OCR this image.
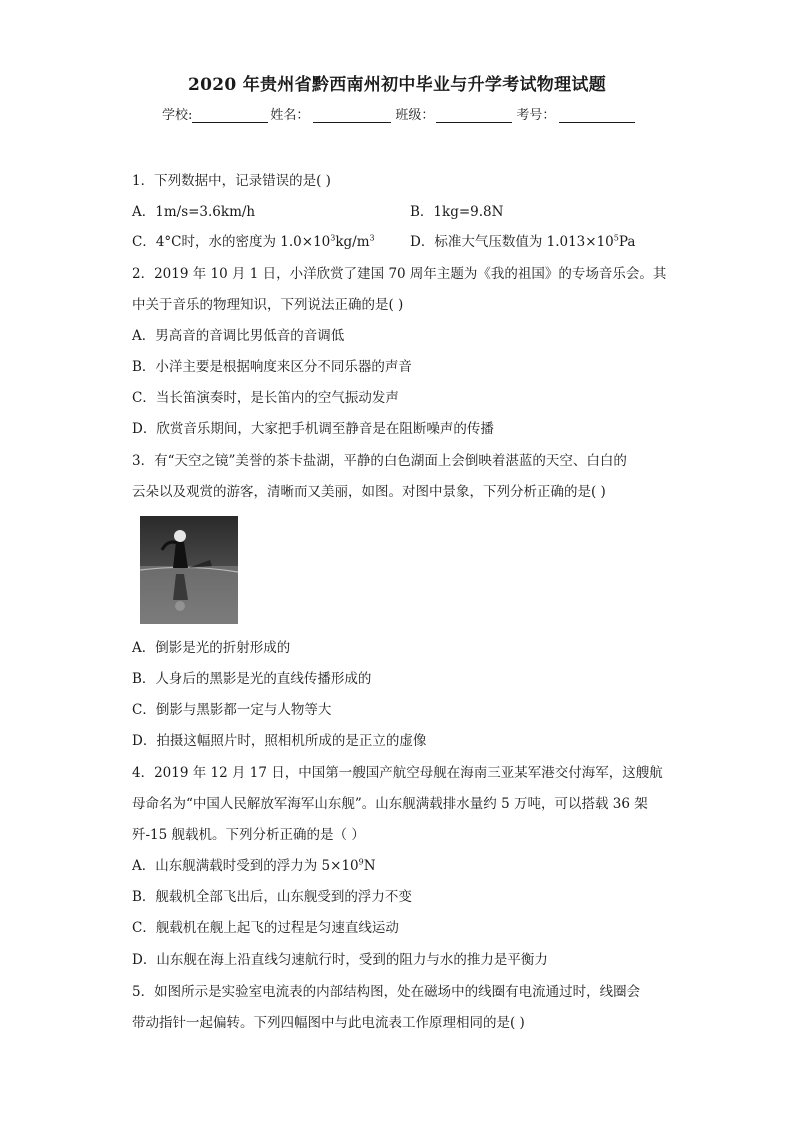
2020 年贵州省黔西南州初中毕业与升学考试物理试题
学校:	姓名：	班级：	考号：
1．下列数据中，记录错误的是( )
A．1m/s=3.6km/h	B．1kg=9.8N
C．4°C时，水的密度为 $1.0\times 10^3kg/m^3$	D．标准大气压数值为 $1.013\times 10^5Pa$
2．2019 年 10 月 1 日，小洋欣赏了建国 70 周年主题为《我的祖国》的专场音乐会。其
中关于音乐的物理知识，下列说法正确的是( )
A．男高音的音调比男低音的音调低
B．小洋主要是根据响度来区分不同乐器的声音
C．当长笛演奏时，是长笛内的空气振动发声
D．欣赏音乐期间，大家把手机调至静音是在阻断噪声的传播
3．有“天空之镜”美誉的茶卡盐湖，平静的白色湖面上会倒映着湛蓝的天空、白白的
云朵以及观赏的游客，清晰而又美丽，如图。对图中景象，下列分析正确的是( )
A．倒影是光的折射形成的
B．人身后的黑影是光的直线传播形成的
C．倒影与黑影都一定与人物等大
D．拍摄这幅照片时，照相机所成的是正立的虚像
4．2019 年 12 月 17 日，中国第一艘国产航空母舰在海南三亚某军港交付海军，这艘航
母命名为“中国人民解放军海军山东舰”。山东舰满载排水量约 5 万吨，可以搭载 36 架
歼-15 舰载机。下列分析正确的是（ ）
A．山东舰满载时受到的浮力为 $5\times 10^9N$
B．舰载机全部飞出后，山东舰受到的浮力不变
C．舰载机在舰上起飞的过程是匀速直线运动
D．山东舰在海上沿直线匀速航行时，受到的阻力与水的推力是平衡力
5．如图所示是实验室电流表的内部结构图，处在磁场中的线圈有电流通过时，线圈会
带动指针一起偏转。下列四幅图中与此电流表工作原理相同的是( )
